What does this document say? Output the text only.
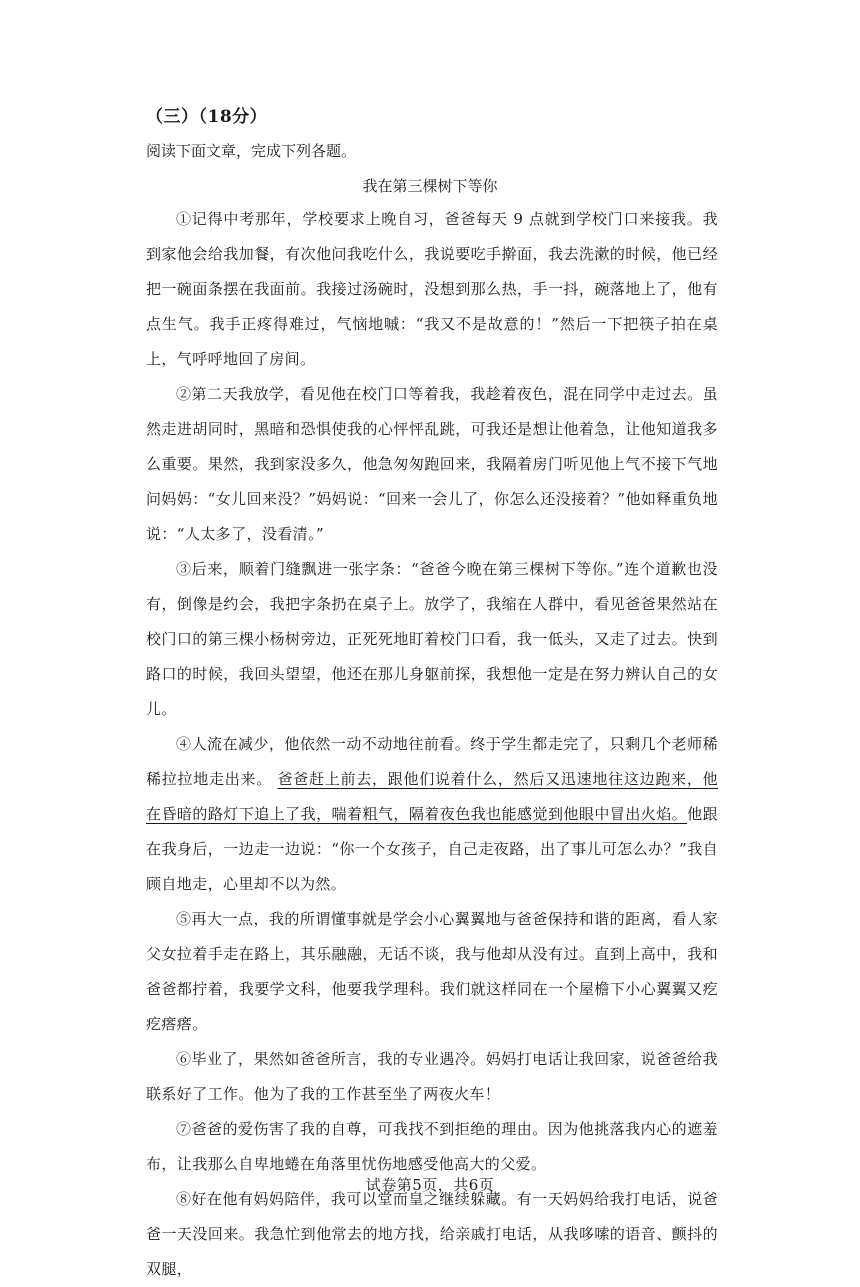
（三）（18分）
阅读下面文章，完成下列各题。
我在第三棵树下等你

①记得中考那年，学校要求上晚自习，爸爸每天 9 点就到学校门口来接我。我到家他会给我加餐，有次他问我吃什么，我说要吃手擀面，我去洗漱的时候，他已经把一碗面条摆在我面前。我接过汤碗时，没想到那么热，手一抖，碗落地上了，他有点生气。我手正疼得难过，气恼地嘁：“我又不是故意的！”然后一下把筷子拍在桌上，气呼呼地回了房间。

②第二天我放学，看见他在校门口等着我，我趁着夜色，混在同学中走过去。虽然走进胡同时，黑暗和恐惧使我的心怦怦乱跳，可我还是想让他着急，让他知道我多么重要。果然，我到家没多久，他急匆匆跑回来，我隔着房门听见他上气不接下气地问妈妈：“女儿回来没？”妈妈说：“回来一会儿了，你怎么还没接着？”他如释重负地说：“人太多了，没看清。”

③后来，顺着门缝飘进一张字条：“爸爸今晚在第三棵树下等你。”连个道歉也没有，倒像是约会，我把字条扔在桌子上。放学了，我缩在人群中，看见爸爸果然站在校门口的第三棵小杨树旁边，正死死地盯着校门口看，我一低头，又走了过去。快到路口的时候，我回头望望，他还在那儿身躯前探，我想他一定是在努力辨认自己的女儿。

④人流在减少，他依然一动不动地往前看。终于学生都走完了，只剩几个老师稀稀拉拉地走出来。 爸爸赶上前去，跟他们说着什么，然后又迅速地往这边跑来，他在昏暗的路灯下追上了我，喘着粗气，隔着夜色我也能感觉到他眼中冒出火焰。他跟在我身后，一边走一边说：“你一个女孩子，自己走夜路，出了事儿可怎么办？”我自顾自地走，心里却不以为然。

⑤再大一点，我的所谓懂事就是学会小心翼翼地与爸爸保持和谐的距离，看人家父女拉着手走在路上，其乐融融，无话不谈，我与他却从没有过。直到上高中，我和爸爸都拧着，我要学文科，他要我学理科。我们就这样同在一个屋檐下小心翼翼又疙疙瘩瘩。

⑥毕业了，果然如爸爸所言，我的专业遇冷。妈妈打电话让我回家，说爸爸给我联系好了工作。他为了我的工作甚至坐了两夜火车！

⑦爸爸的爱伤害了我的自尊，可我找不到拒绝的理由。因为他挑落我内心的遮羞布，让我那么自卑地蜷在角落里忧伤地感受他高大的父爱。

⑧好在他有妈妈陪伴，我可以堂而皇之继续躲藏。有一天妈妈给我打电话，说爸爸一天没回来。我急忙到他常去的地方找，给亲戚打电话，从我哆嗦的语音、颤抖的双腿，

试卷第5页，共6页
